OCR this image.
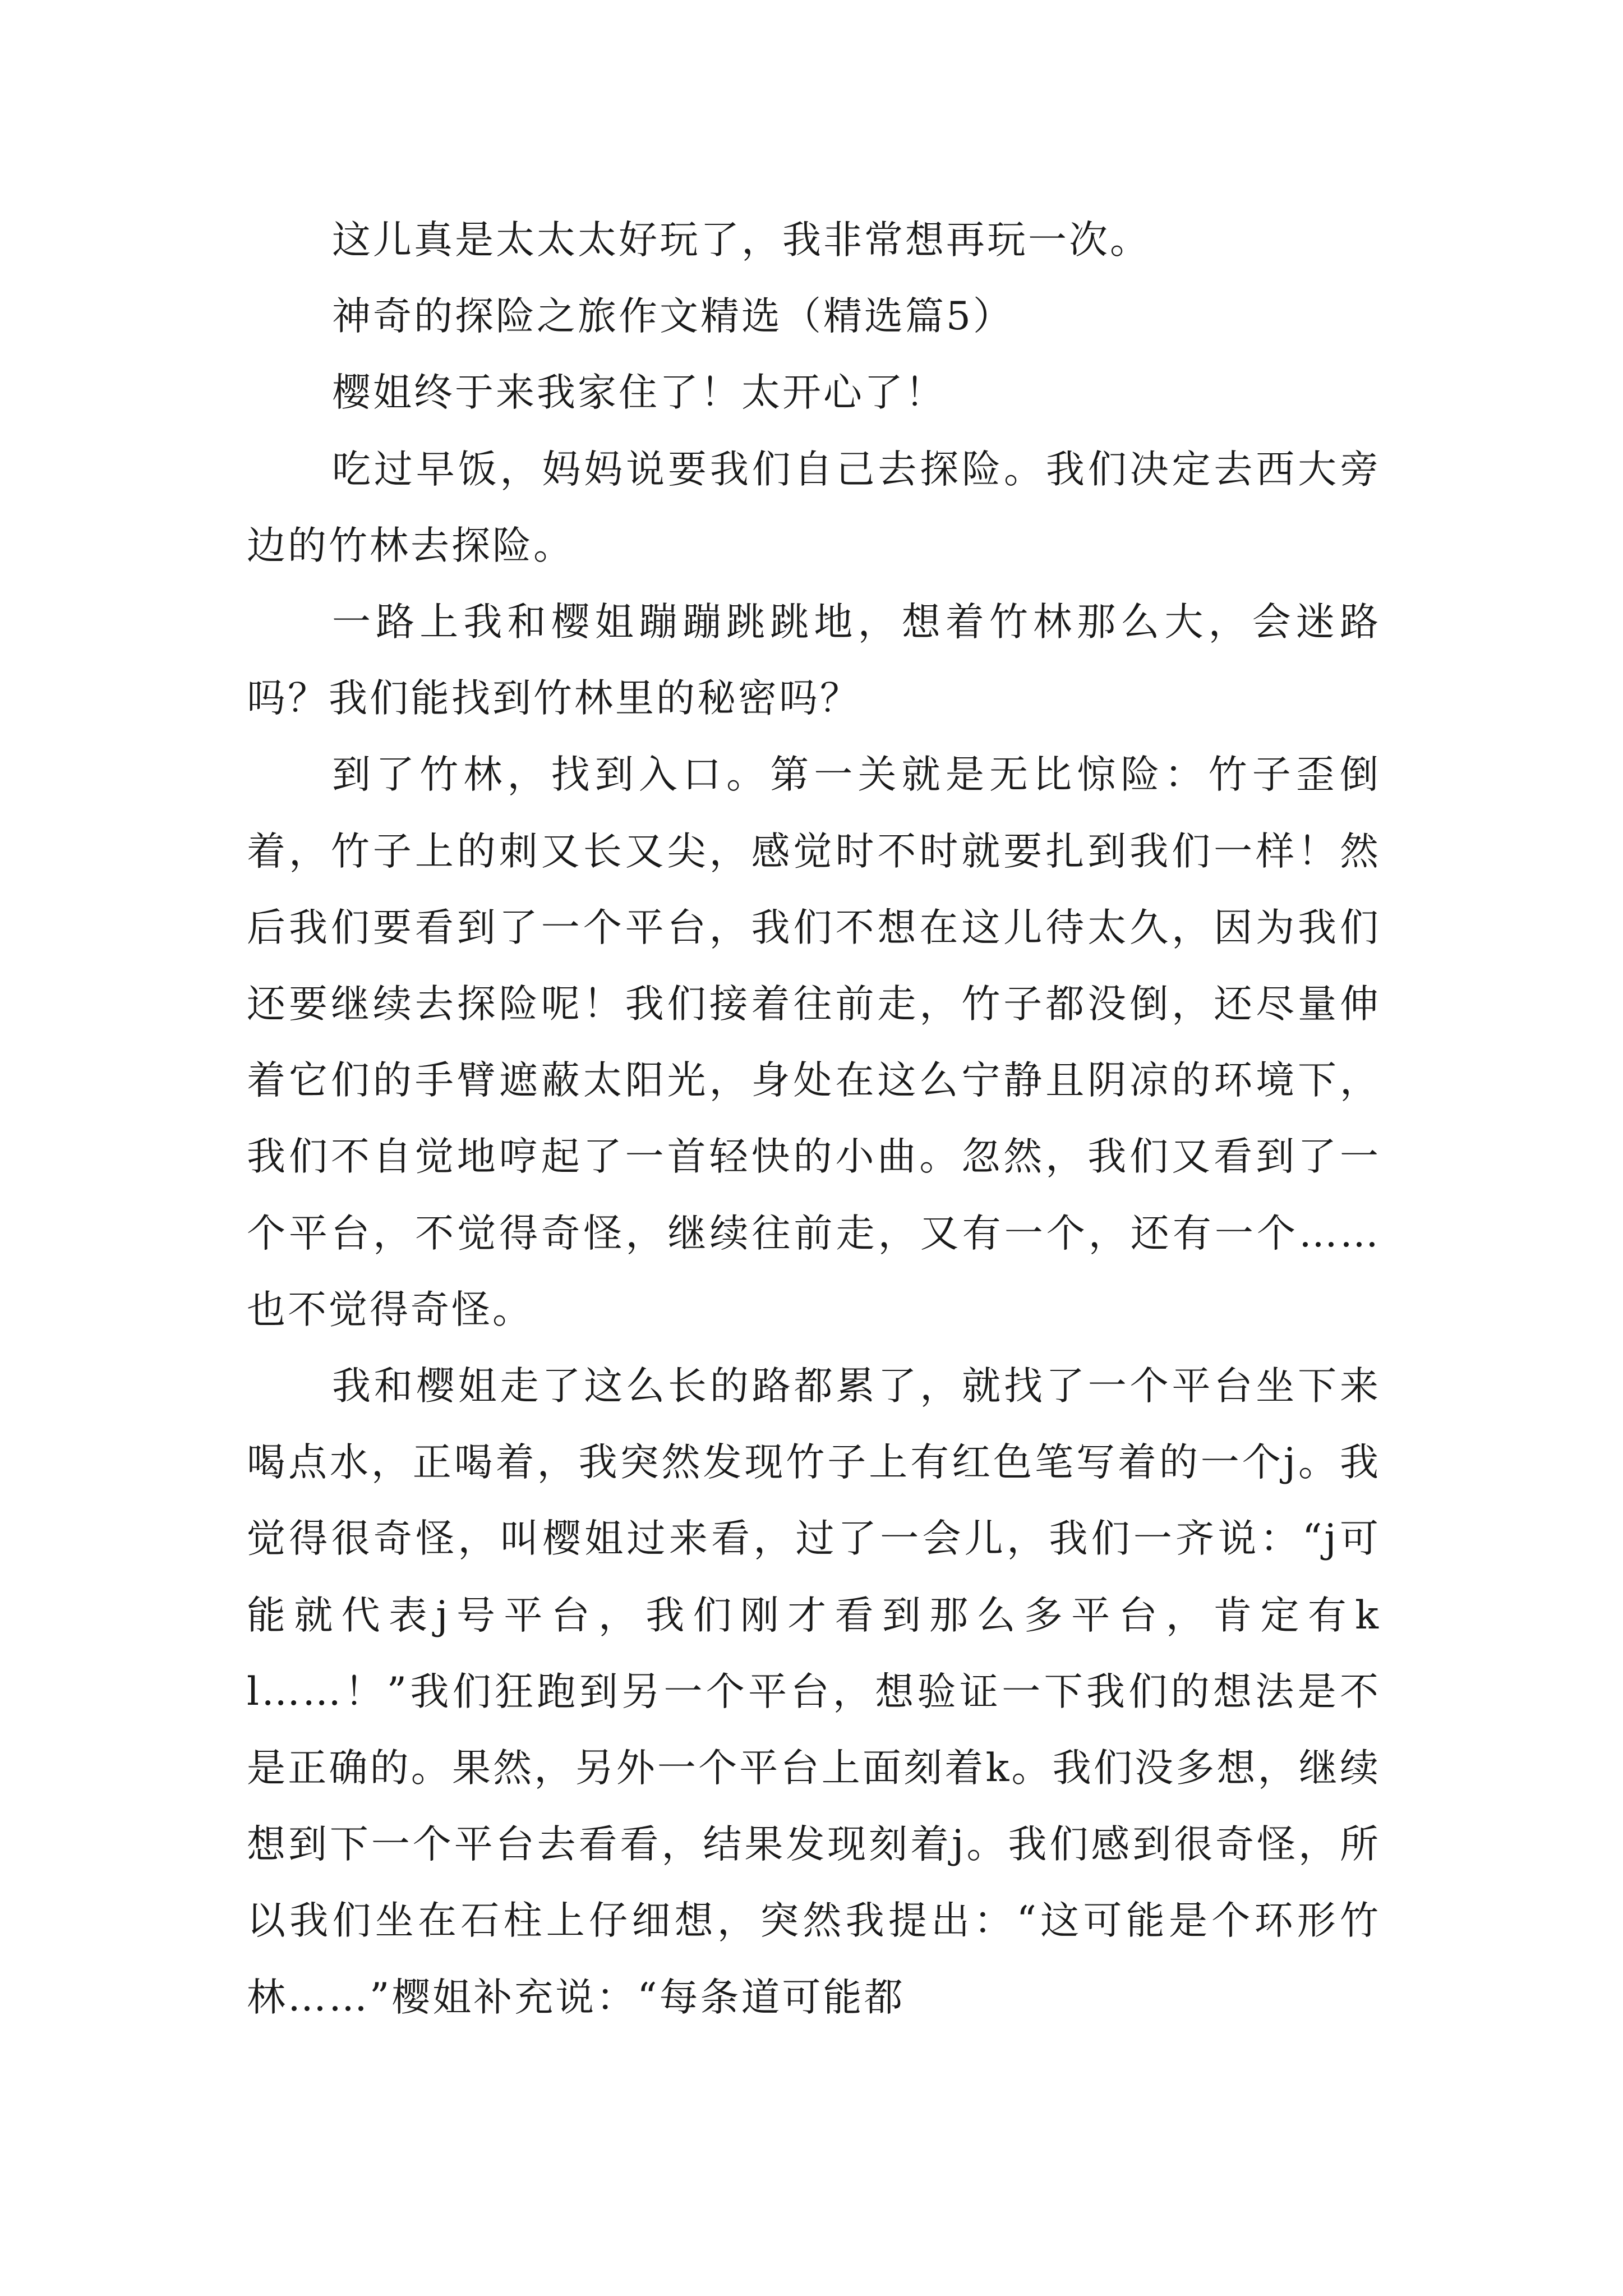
这儿真是太太太好玩了，我非常想再玩一次。

神奇的探险之旅作文精选（精选篇5）

樱姐终于来我家住了！太开心了！

吃过早饭，妈妈说要我们自己去探险。我们决定去西大旁边的竹林去探险。

一路上我和樱姐蹦蹦跳跳地，想着竹林那么大，会迷路吗？我们能找到竹林里的秘密吗？

到了竹林，找到入口。第一关就是无比惊险：竹子歪倒着，竹子上的刺又长又尖，感觉时不时就要扎到我们一样！然后我们要看到了一个平台，我们不想在这儿待太久，因为我们还要继续去探险呢！我们接着往前走，竹子都没倒，还尽量伸着它们的手臂遮蔽太阳光，身处在这么宁静且阴凉的环境下，我们不自觉地哼起了一首轻快的小曲。忽然，我们又看到了一个平台，不觉得奇怪，继续往前走，又有一个，还有一个……也不觉得奇怪。

我和樱姐走了这么长的路都累了，就找了一个平台坐下来喝点水，正喝着，我突然发现竹子上有红色笔写着的一个j。我觉得很奇怪，叫樱姐过来看，过了一会儿，我们一齐说：“j可能就代表j号平台，我们刚才看到那么多平台，肯定有kl……！”我们狂跑到另一个平台，想验证一下我们的想法是不是正确的。果然，另外一个平台上面刻着k。我们没多想，继续想到下一个平台去看看，结果发现刻着j。我们感到很奇怪，所以我们坐在石柱上仔细想，突然我提出：“这可能是个环形竹林……”樱姐补充说：“每条道可能都
